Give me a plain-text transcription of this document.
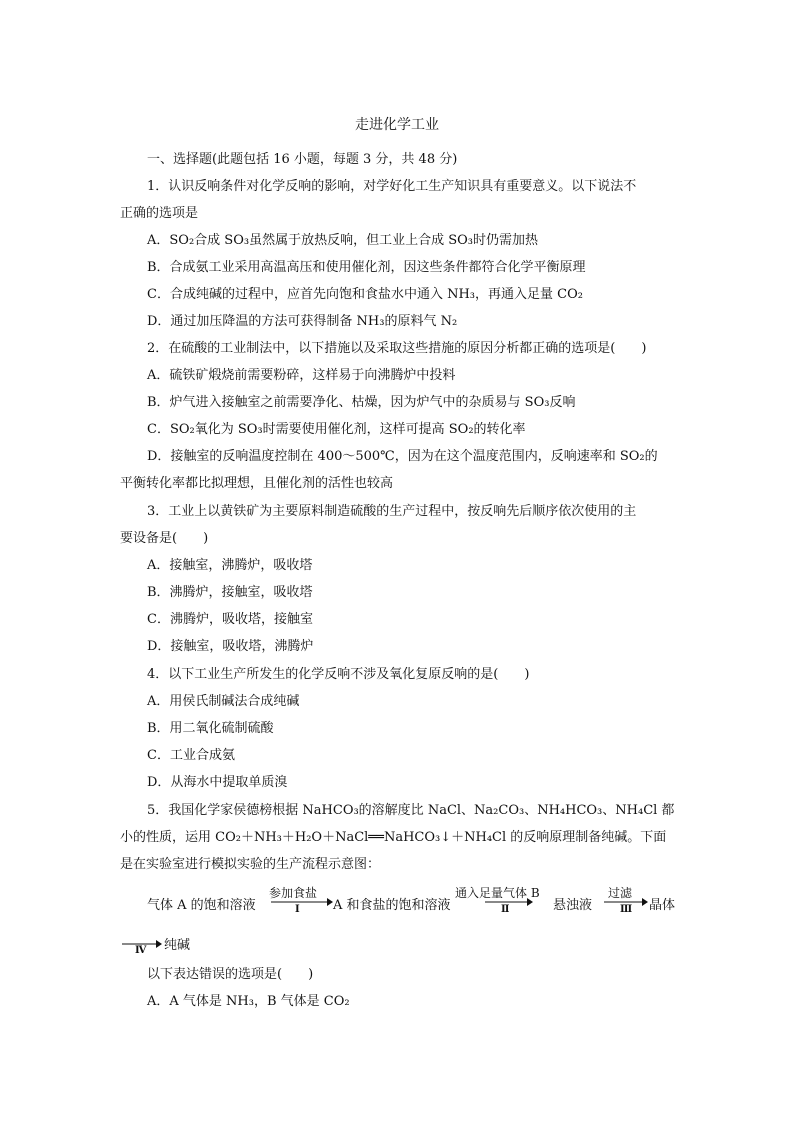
走进化学工业
一、选择题(此题包括 16 小题，每题 3 分，共 48 分)
1．认识反响条件对化学反响的影响，对学好化工生产知识具有重要意义。以下说法不
正确的选项是
A．SO₂合成 SO₃虽然属于放热反响，但工业上合成 SO₃时仍需加热
B．合成氨工业采用高温高压和使用催化剂，因这些条件都符合化学平衡原理
C．合成纯碱的过程中，应首先向饱和食盐水中通入 NH₃，再通入足量 CO₂
D．通过加压降温的方法可获得制备 NH₃的原料气 N₂
2．在硫酸的工业制法中，以下措施以及采取这些措施的原因分析都正确的选项是(　　)
A．硫铁矿煅烧前需要粉碎，这样易于向沸腾炉中投料
B．炉气进入接触室之前需要净化、枯燥，因为炉气中的杂质易与 SO₃反响
C．SO₂氧化为 SO₃时需要使用催化剂，这样可提高 SO₂的转化率
D．接触室的反响温度控制在 400～500℃，因为在这个温度范围内，反响速率和 SO₂的
平衡转化率都比拟理想，且催化剂的活性也较高
3．工业上以黄铁矿为主要原料制造硫酸的生产过程中，按反响先后顺序依次使用的主
要设备是(　　)
A．接触室，沸腾炉，吸收塔
B．沸腾炉，接触室，吸收塔
C．沸腾炉，吸收塔，接触室
D．接触室，吸收塔，沸腾炉
4．以下工业生产所发生的化学反响不涉及氧化复原反响的是(　　)
A．用侯氏制碱法合成纯碱
B．用二氧化硫制硫酸
C．工业合成氨
D．从海水中提取单质溴
5．我国化学家侯德榜根据 NaHCO₃的溶解度比 NaCl、Na₂CO₃、NH₄HCO₃、NH₄Cl 都
小的性质，运用 CO₂＋NH₃＋H₂O＋NaCl══NaHCO₃↓＋NH₄Cl 的反响原理制备纯碱。下面
是在实验室进行模拟实验的生产流程示意图：
气体 A 的饱和溶液
参加食盐
Ⅰ	A 和食盐的饱和溶液
通入足量气体 B
Ⅱ	悬浊液
过滤
Ⅲ 晶体
Ⅳ 纯碱
以下表达错误的选项是(　　)
A．A 气体是 NH₃，B 气体是 CO₂
